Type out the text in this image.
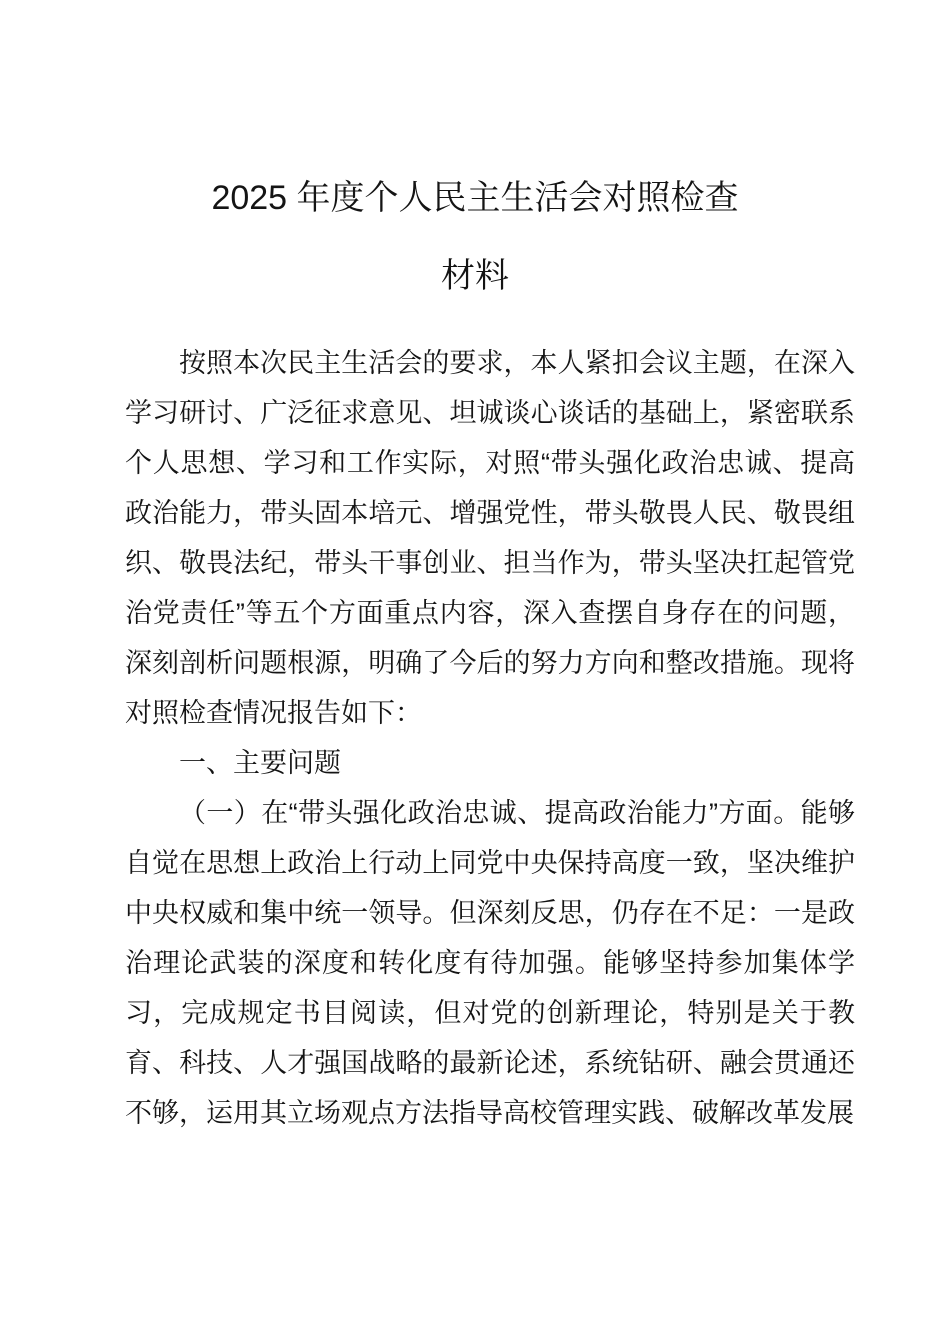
2025 年度个人民主生活会对照检查
材料

按照本次民主生活会的要求，本人紧扣会议主题，在深入学习研讨、广泛征求意见、坦诚谈心谈话的基础上，紧密联系个人思想、学习和工作实际，对照“带头强化政治忠诚、提高政治能力，带头固本培元、增强党性，带头敬畏人民、敬畏组织、敬畏法纪，带头干事创业、担当作为，带头坚决扛起管党治党责任”等五个方面重点内容，深入查摆自身存在的问题，深刻剖析问题根源，明确了今后的努力方向和整改措施。现将对照检查情况报告如下：

一、主要问题

（一）在“带头强化政治忠诚、提高政治能力”方面。能够自觉在思想上政治上行动上同党中央保持高度一致，坚决维护中央权威和集中统一领导。但深刻反思，仍存在不足：一是政治理论武装的深度和转化度有待加强。能够坚持参加集体学习，完成规定书目阅读，但对党的创新理论，特别是关于教育、科技、人才强国战略的最新论述，系统钻研、融会贯通还不够，运用其立场观点方法指导高校管理实践、破解改革发展
